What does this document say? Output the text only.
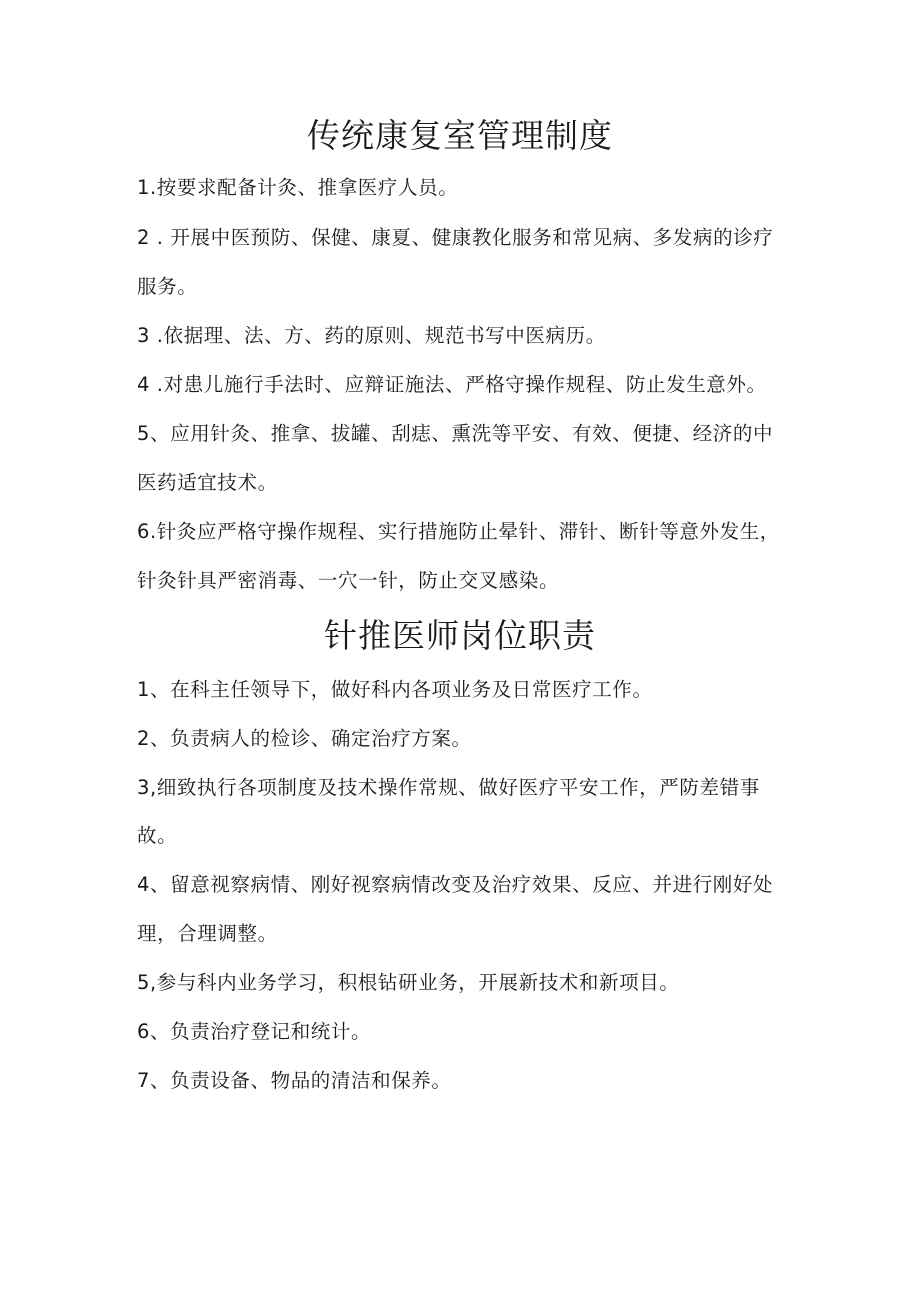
传统康复室管理制度

1.按要求配备计灸、推拿医疗人员。

2 . 开展中医预防、保健、康夏、健康教化服务和常见病、多发病的诊疗

服务。

3 .依据理、法、方、药的原则、规范书写中医病历。

4 .对患儿施行手法时、应辩证施法、严格守操作规程、防止发生意外。

5、应用针灸、推拿、拔罐、刮痣、熏洗等平安、有效、便捷、经济的中

医药适宜技术。

6.针灸应严格守操作规程、实行措施防止晕针、滞针、断针等意外发生，

针灸针具严密消毒、一穴一针，防止交叉感染。

针推医师岗位职责

1、在科主任领导下，做好科内各项业务及日常医疗工作。

2、负责病人的检诊、确定治疗方案。

3,细致执行各项制度及技术操作常规、做好医疗平安工作，严防差错事

故。

4、留意视察病情、刚好视察病情改变及治疗效果、反应、并进行刚好处

理，合理调整。

5,参与科内业务学习，积根钻研业务，开展新技术和新项目。

6、负责治疗登记和统计。

7、负责设备、物品的清洁和保养。
